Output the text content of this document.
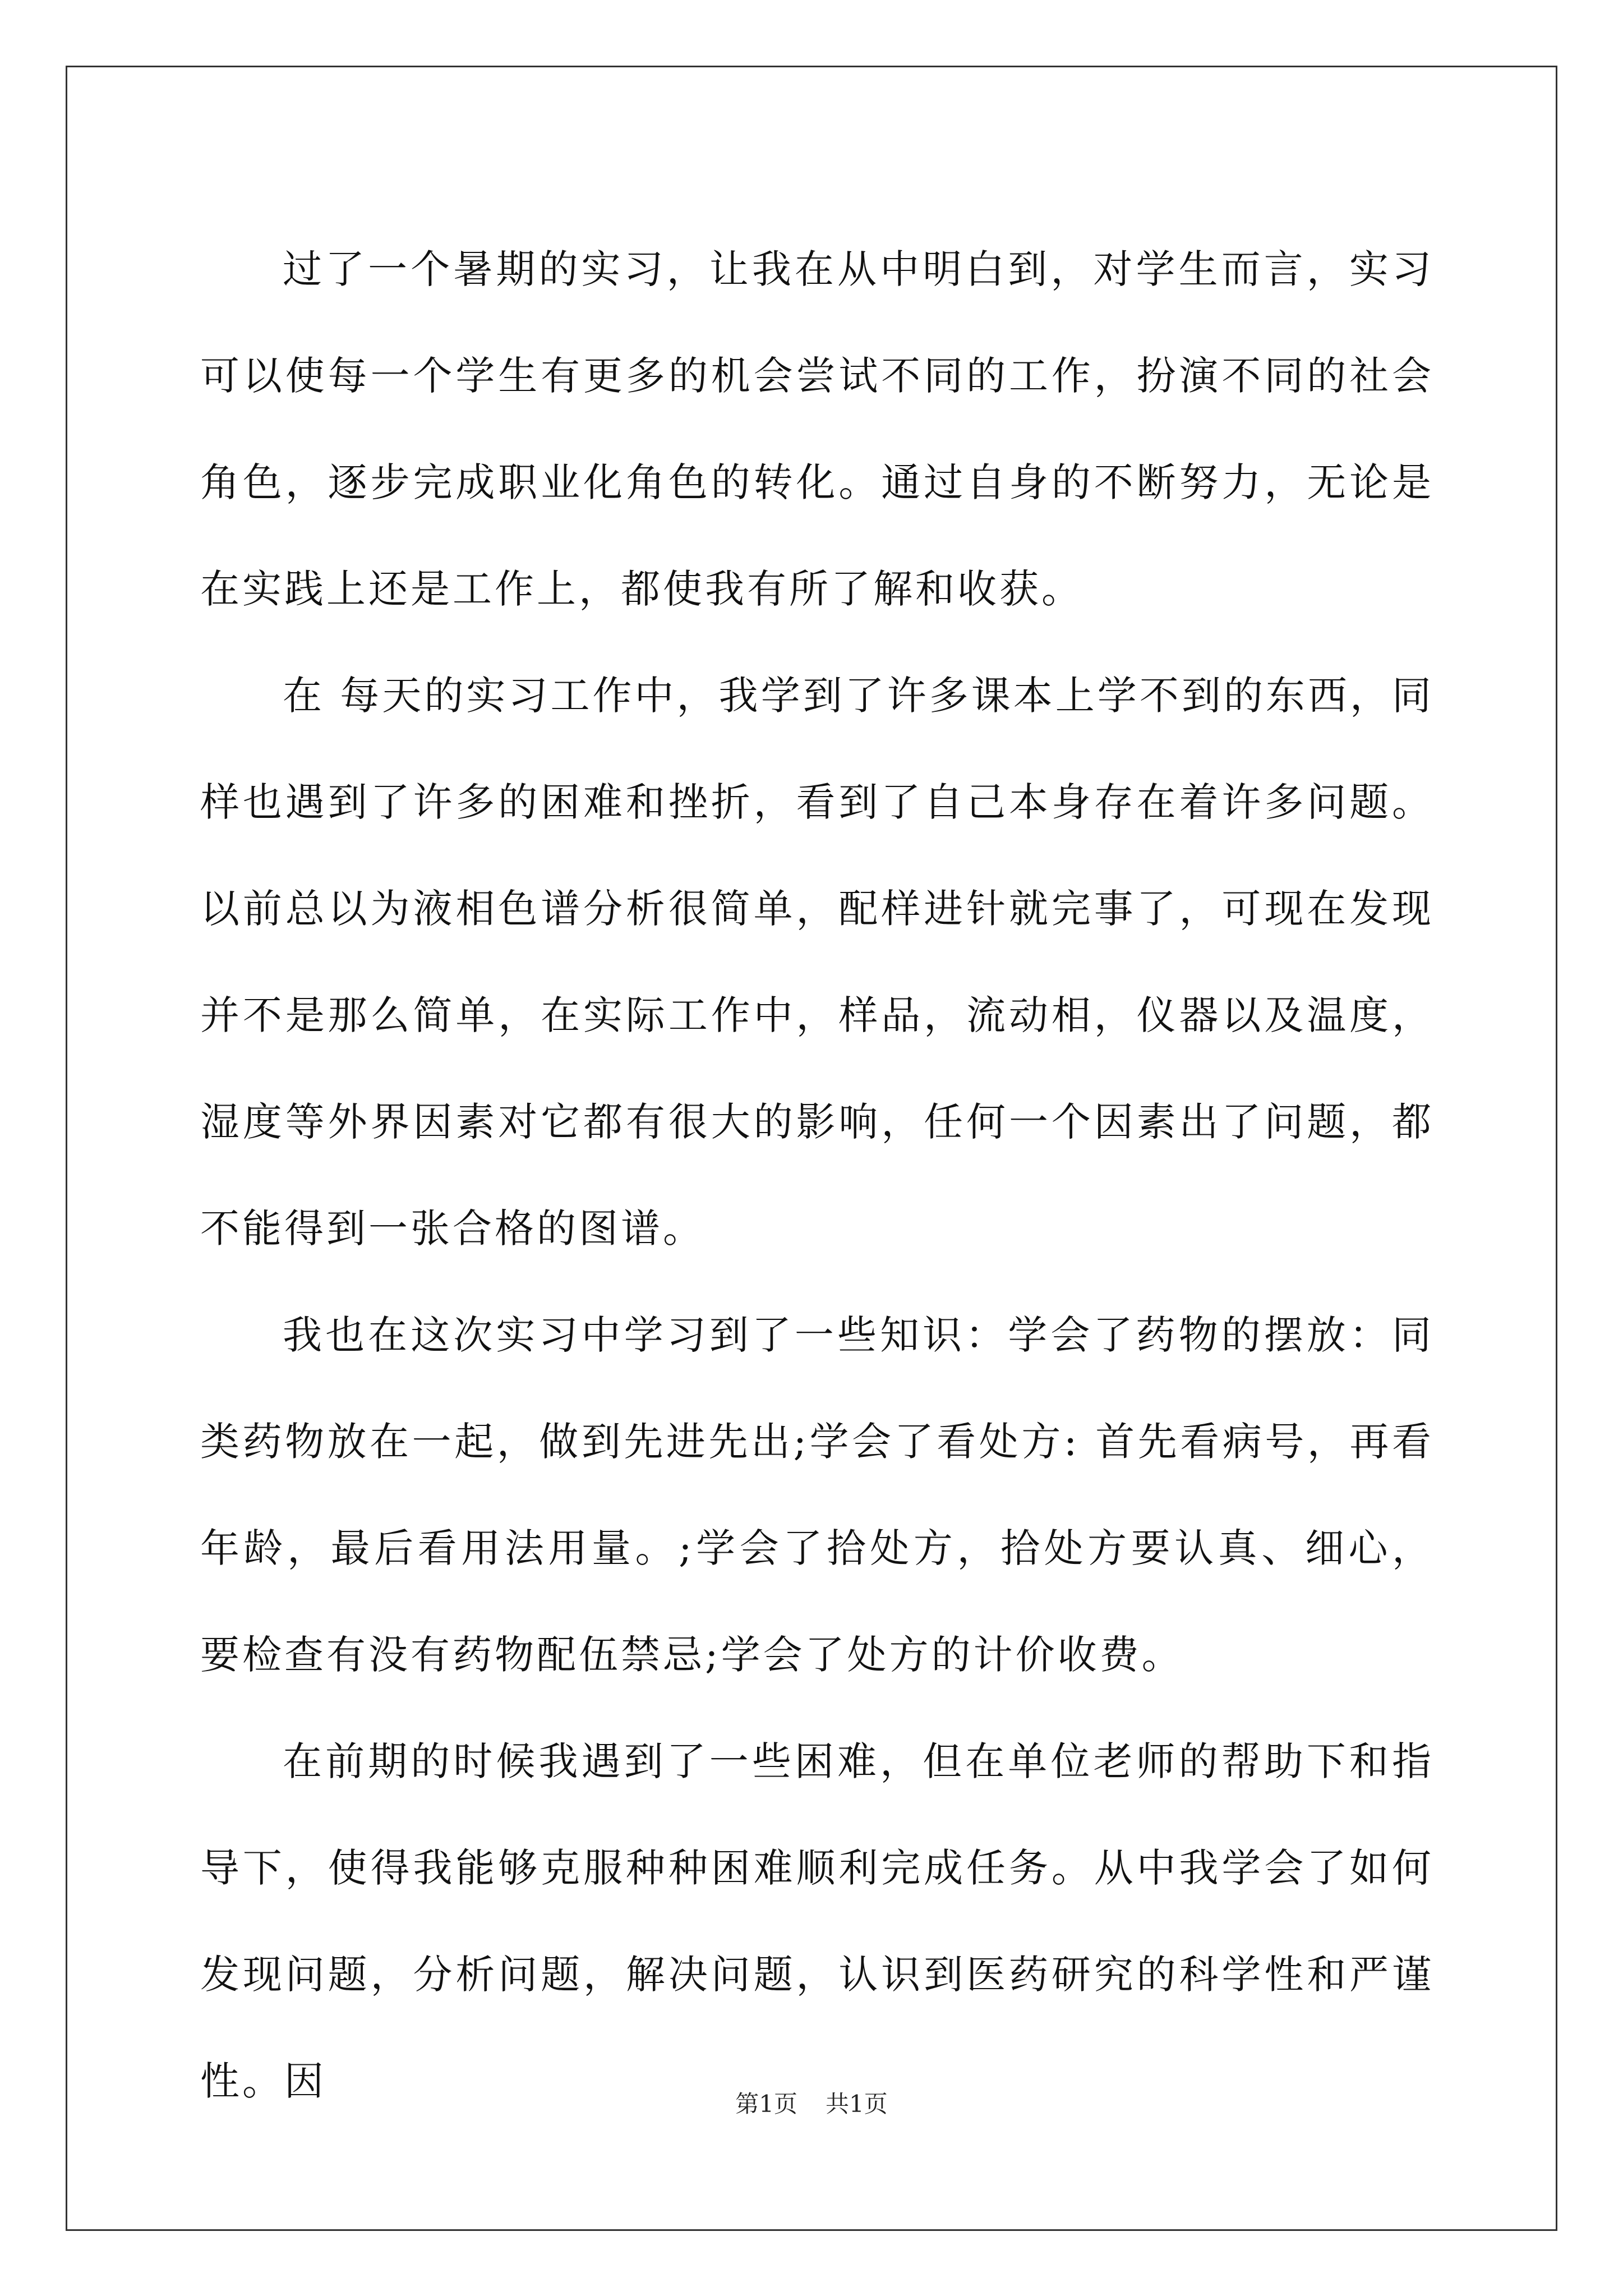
过了一个暑期的实习，让我在从中明白到，对学生而言，实习可以使每一个学生有更多的机会尝试不同的工作，扮演不同的社会角色，逐步完成职业化角色的转化。通过自身的不断努力，无论是在实践上还是工作上，都使我有所了解和收获。

在 每天的实习工作中，我学到了许多课本上学不到的东西，同样也遇到了许多的困难和挫折，看到了自己本身存在着许多问题。以前总以为液相色谱分析很简单，配样进针就完事了，可现在发现并不是那么简单，在实际工作中，样品，流动相，仪器以及温度，湿度等外界因素对它都有很大的影响，任何一个因素出了问题，都不能得到一张合格的图谱。

我也在这次实习中学习到了一些知识：学会了药物的摆放：同类药物放在一起，做到先进先出;学会了看处方: 首先看病号，再看年龄，最后看用法用量。;学会了拾处方，拾处方要认真、细心，要检查有没有药物配伍禁忌;学会了处方的计价收费。

在前期的时候我遇到了一些困难，但在单位老师的帮助下和指导下，使得我能够克服种种困难顺利完成任务。从中我学会了如何发现问题，分析问题，解决问题，认识到医药研究的科学性和严谨性。因	第1页 共1页
